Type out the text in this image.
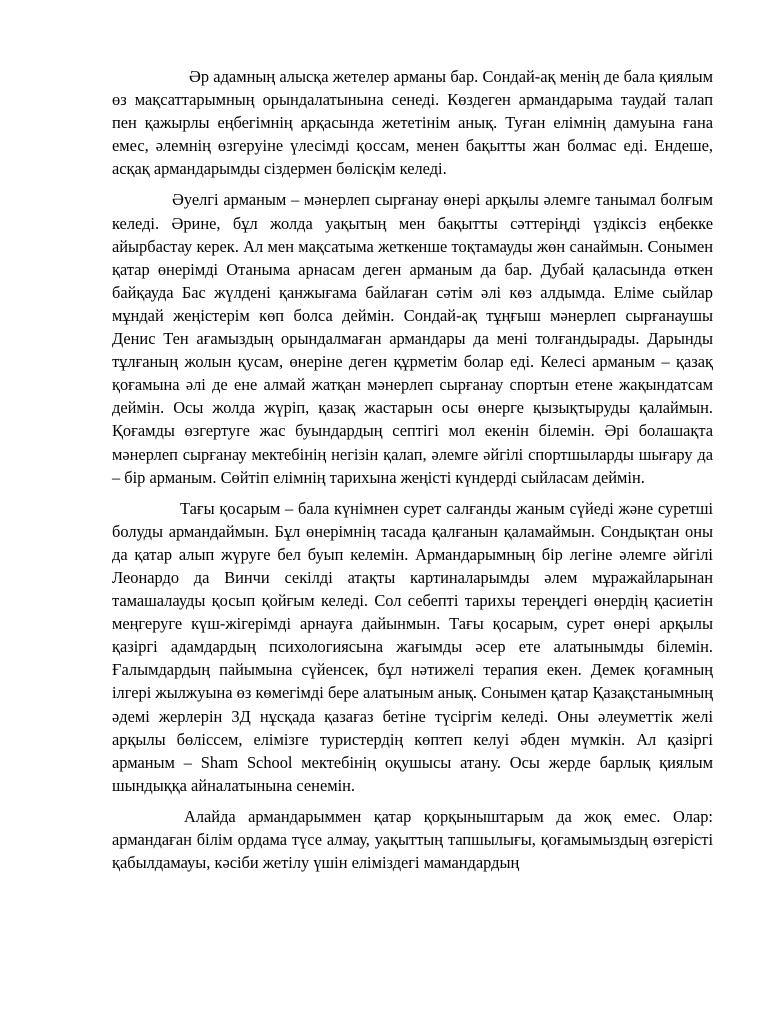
Әр адамның алысқа жетелер арманы бар. Сондай-ақ менің де бала қиялым өз мақсаттарымның орындалатынына сенеді. Көздеген армандарыма таудай талап пен қажырлы еңбегімнің арқасында жететінім анық. Туған елімнің дамуына ғана емес, әлемнің өзгеруіне үлесімді қоссам, менен бақытты жан болмас еді. Ендеше, асқақ армандарымды сіздермен бөлісқім келеді.

Әуелгі арманым – мәнерлеп сырғанау өнері арқылы әлемге танымал болғым келеді. Әрине, бұл жолда уақытың мен бақытты сәттеріңді үздіксіз еңбекке айырбастау керек. Ал мен мақсатыма жеткенше тоқтамауды жөн санаймын. Сонымен қатар өнерімді Отаныма арнасам деген арманым да бар. Дубай қаласында өткен байқауда Бас жүлдені қанжығама байлаған сәтім әлі көз алдымда. Еліме сыйлар мұндай жеңістерім көп болса деймін. Сондай-ақ тұңғыш мәнерлеп сырғанаушы Денис Тен ағамыздың орындалмаған армандары да мені толғандырады. Дарынды тұлғаның жолын қусам, өнеріне деген құрметім болар еді. Келесі арманым – қазақ қоғамына әлі де ене алмай жатқан мәнерлеп сырғанау спортын етене жақындатсам деймін. Осы жолда жүріп, қазақ жастарын осы өнерге қызықтыруды қалаймын. Қоғамды өзгертуге жас буындардың септігі мол екенін білемін. Әрі болашақта мәнерлеп сырғанау мектебінің негізін қалап, әлемге әйгілі спортшыларды шығару да – бір арманым. Сөйтіп елімнің тарихына жеңісті күндерді сыйласам деймін.

Тағы қосарым – бала күнімнен сурет салғанды жаным сүйеді және суретші болуды армандаймын. Бұл өнерімнің тасада қалғанын қаламаймын. Сондықтан оны да қатар алып жүруге бел буып келемін. Армандарымның бір легіне әлемге әйгілі Леонардо да Винчи секілді атақты картиналарымды әлем мұражайларынан тамашалауды қосып қойғым келеді. Сол себепті тарихы тереңдегі өнердің қасиетін меңгеруге күш-жігерімді арнауға дайынмын. Тағы қосарым, сурет өнері арқылы қазіргі адамдардың психологиясына жағымды әсер ете алатынымды білемін. Ғалымдардың пайымына сүйенсек, бұл нәтижелі терапия екен. Демек қоғамның ілгері жылжуына өз көмегімді бере алатыным анық. Сонымен қатар Қазақстанымның әдемі жерлерін 3Д нұсқада қазағаз бетіне түсіргім келеді. Оны әлеуметтік желі арқылы бөліссем, елімізге туристердің көптеп келуі әбден мүмкін. Ал қазіргі арманым – Sham School мектебінің оқушысы атану. Осы жерде барлық қиялым шындыққа айналатынына сенемін.

Алайда армандарыммен қатар қорқыныштарым да жоқ емес. Олар: армандаған білім ордама түсе алмау, уақыттың тапшылығы, қоғамымыздың өзгерісті қабылдамауы, кәсіби жетілу үшін еліміздегі мамандардың
